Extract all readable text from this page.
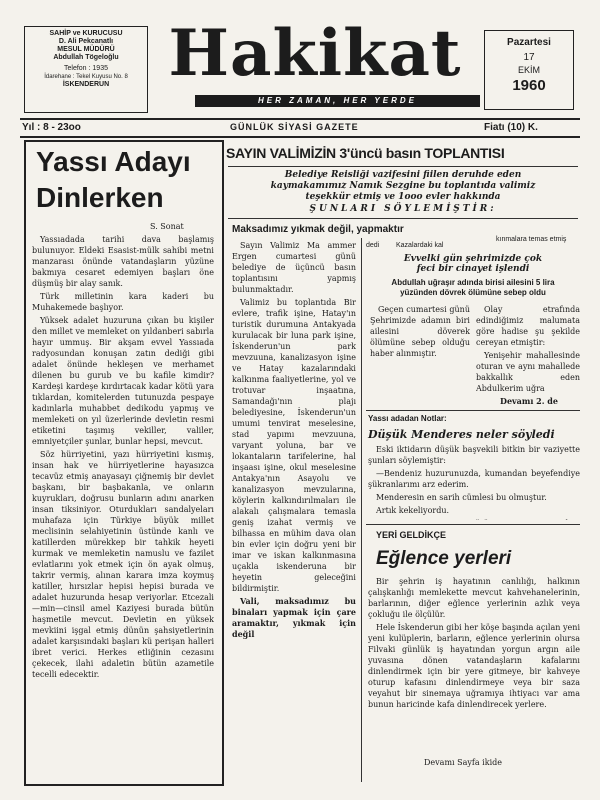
SAHİP ve KURUCUSU
D. Ali Pekcanatlı
MESUL MÜDÜRÜ
Abdullah Tögeloğlu
Telefon : 1935
İdarehane : Tekel Kuyusu No. 8
İSKENDERUN Hakikat
HER ZAMAN, HER YERDE
Pazartesi
17
EKİM
1960
Yıl : 8 - 23oo	GÜNLÜK SİYASİ GAZETE	Fiatı (10) K.
Yassı Adayı
Dinlerken
S. Sonat

Yassıadada tarihi dava başlamış bulunuyor. Eldeki Esasist-mülk sahibi metni manzarası önünde vatandaşların yüzüne bakmıya cesaret edemiyen başları öne düşmüş bir alay sanık.

Türk milletinin kara kaderi bu Muhakemede başlıyor.

Yüksek adalet huzuruna çıkan bu kişiler den millet ve memleket on yıldanberi sabırla hayır ummuş. Bir akşam evvel Yassıada radyosundan konuşan zatın dediği gibi adalet önünde hekleşen ve merhamet dilenen bu gurub ve bu kafile kimdir? Kardeşi kardeşe kırdırtacak kadar kötü yara tıklardan, komitelerden tutunuzda pespaye kadınlarla muhabbet dedikodu yapmış ve memleketi on yıl üzerlerinde devletin resmi etiketini taşımış vekiller, valiler, emniyetçiler şunlar, bunlar hepsi, mevcut.

Söz hürriyetini, yazı hürriyetini kısmış, insan hak ve hürriyetlerine hayasızca tecavüz etmiş anayasayı çiğnemiş bir devlet başkanı, bir başbakanla, ve onların kuyrukları, doğrusu bunların adını anarken insan tiksiniyor. Oturdukları sandalyeları muhafaza için Türkiye büyük millet meclisinin selahiyetinin üstünde kanlı ve katillerden mürekkep bir tahkik heyeti kurmak ve memleketin namuslu ve fazilet evlatlarını yok etmek için ön ayak olmuş, takrir vermiş, alınan karara imza koymuş katiller, hırsızlar hepisi hepisi burada ve adalet huzurunda hesap veriyorlar. Etcezali—min—cinsil amel Kaziyesi burada bütün haşmetile mevcut. Devletin en yüksek mevkiini işgal etmiş dünün şahsiyetlerinin adalet karşısındaki başları kü perişan halleri ibret verici. Herkes etliğinin cezasını çekecek, ilahi adaletin bütün azametile tecelli edecektir.

SAYIN VALİMİZİN 3'üncü basın TOPLANTISI
Belediye Reisliği vazifesini fiilen deruhde eden
kaymakamımız Namık Sezgine bu toplantıda valimiz
teşekkür etmiş ve 1ooo evler hakkında
ŞUNLARI SÖYLEMİŞTİR:
Maksadımız yıkmak değil, yapmaktır

Sayın Valimiz Ma ammer Ergen cumartesi günü belediye de üçüncü basın toplantısını yapmış bulunmaktadır.

Valimiz bu toplantıda Bir evlere, trafik işine, Hatay'ın turistik durumuna Antakyada kurulacak bir luna park işine, İskenderun'un park mevzuuna, kanalizasyon işine ve Hatay kazalarındaki kalkınma faaliyetlerine, yol ve trotuvar inşaatına, Samandağı'nın plajı belediyesine, İskenderun'un umumi tenvirat meselesine, stad yapımı mevzuuna, varyant yoluna, bar ve lokantaların tarifelerine, hal inşaası işine, okul meselesine Antakya'nın Asayolu ve kanalizasyon mevzularına, köylerin kalkındırılmaları ile alakalı çalışmalara temasla geniş izahat vermiş ve bilhassa en mühim dava olan bin evler için doğru yeni bir imar ve iskan kalkınmasına uçakla iskenderuna bir heyetin geleceğini bildirmiştir.

Vali, maksadımız bu binaları yapmak için çare aramaktır, yıkmak için değil

Kazalardaki kal
kınmalara temas etmiş
dedi
Evvelki gün şehrimizde çok
feci bir cinayet işlendi
Abdullah uğraşır adında birisi ailesini 5 lira
yüzünden dövrek ölümüne sebep oldu

Geçen cumartesi günü Şehrimizde adamın biri ailesini döverek ölümüne sebep olduğu haber alınmıştır.

Olay etrafında edindiğimiz malumata göre hadise şu şekilde cereyan etmiştir:

Yenişehir mahallesinde oturan ve aynı mahallede bakkallık eden Abdulkerim uğra

Devamı 2. de
Yassı adadan Notlar:
Düşük Menderes neler söyledi

Eski iktidarın düşük başvekili bitkin bir vaziyette şunları söylemiştir:

—Bendeniz huzurunuzda, kumandan beyefendiye şükranlarımı arz ederim.

Menderesin en sarih cümlesi bu olmuştur.

Artık kekeliyordu.

YERİ GELDİKÇE
Eğlence yerleri

Bir şehrin iş hayatının canlılığı, halkının çalışkanlığı memlekette mevcut kahvehanelerinin, barlarının, diğer eğlence yerlerinin azlık veya çokluğu ile ölçülür.

Hele İskenderun gibi her köşe başında açılan yeni yeni kulüplerin, barların, eğlence yerlerinin olursa Filvaki günlük iş hayatından yorgun argın aile yuvasına dönen vatandaşların kafalarını dinlendirmek için bir yere gitmeye, bir kahveye oturup kafasını dinlendirmeye veya bir saza veyahut bir sinemaya uğramıya ihtiyacı var ama bunun haricinde kafa dinlendirecek yerlere.

Devamı Sayfa ikide
